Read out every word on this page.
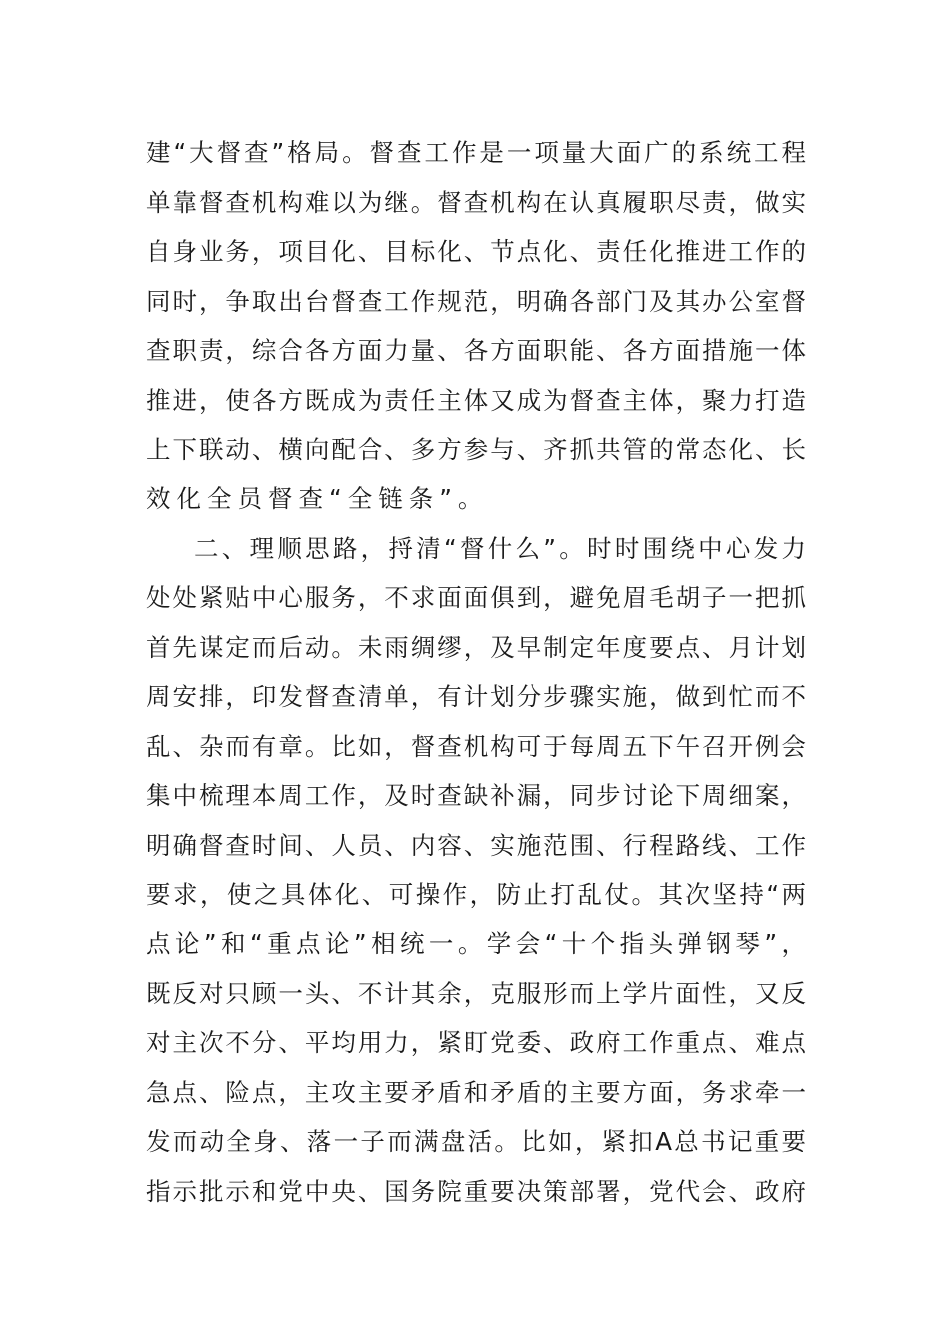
建“大督查”格局。督查工作是一项量大面广的系统工程
单靠督查机构难以为继。督查机构在认真履职尽责，做实
自身业务，项目化、目标化、节点化、责任化推进工作的
同时，争取出台督查工作规范，明确各部门及其办公室督
查职责，综合各方面力量、各方面职能、各方面措施一体
推进，使各方既成为责任主体又成为督查主体，聚力打造
上下联动、横向配合、多方参与、齐抓共管的常态化、长
效化全员督查“全链条”。
二、理顺思路，捋清“督什么”。时时围绕中心发力
处处紧贴中心服务，不求面面俱到，避免眉毛胡子一把抓
首先谋定而后动。未雨绸缪，及早制定年度要点、月计划
周安排，印发督查清单，有计划分步骤实施，做到忙而不
乱、杂而有章。比如，督查机构可于每周五下午召开例会
集中梳理本周工作，及时查缺补漏，同步讨论下周细案，
明确督查时间、人员、内容、实施范围、行程路线、工作
要求，使之具体化、可操作，防止打乱仗。其次坚持“两
点论”和“重点论”相统一。学会“十个指头弹钢琴”，
既反对只顾一头、不计其余，克服形而上学片面性，又反
对主次不分、平均用力，紧盯党委、政府工作重点、难点
急点、险点，主攻主要矛盾和矛盾的主要方面，务求牵一
发而动全身、落一子而满盘活。比如，紧扣A总书记重要
指示批示和党中央、国务院重要决策部署，党代会、政府
